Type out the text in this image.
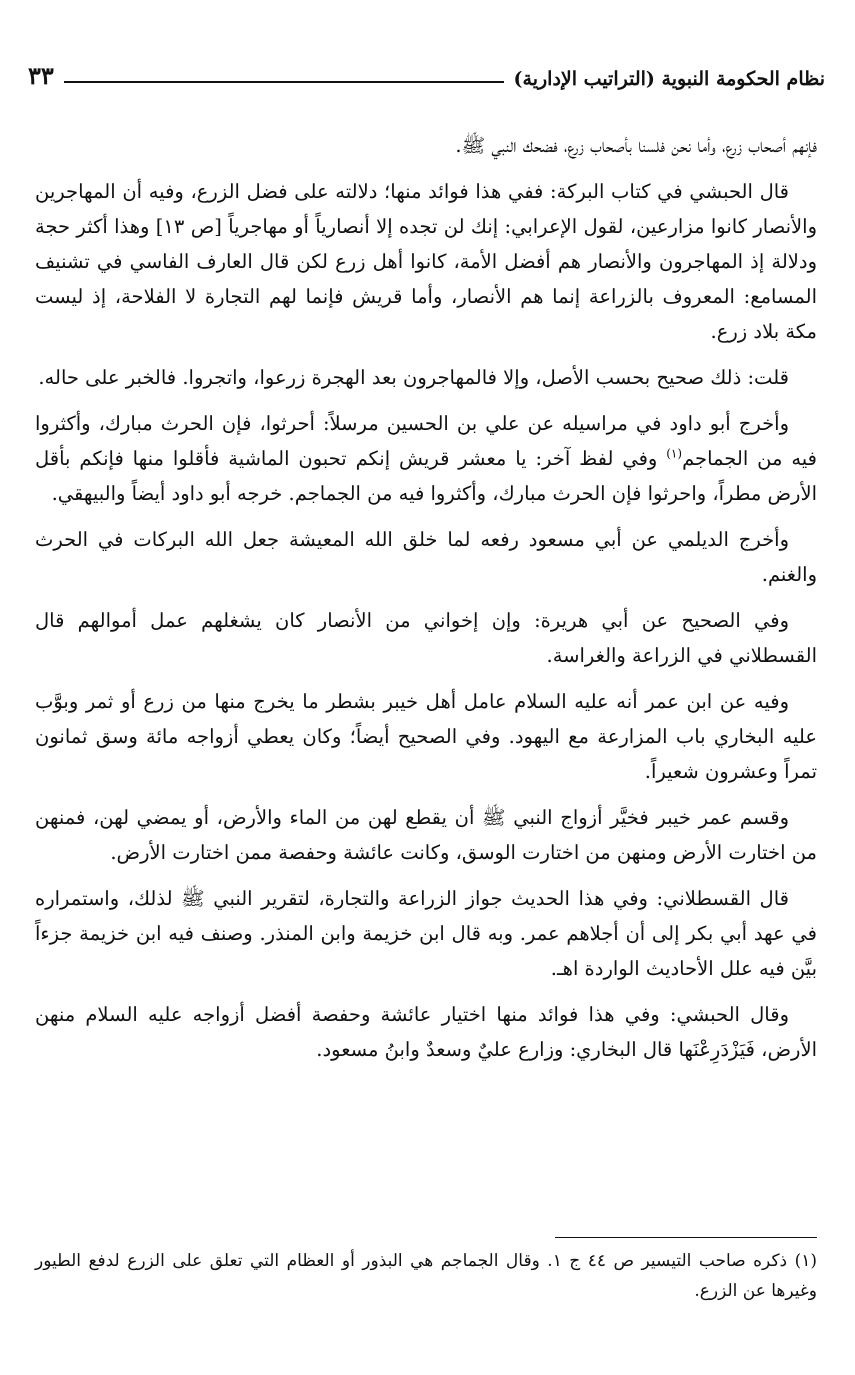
نظام الحكومة النبوية (التراتيب الإدارية)
٣٣

فإنهم أصحاب زرع، وأما نحن فلسنا بأصحاب زرع، فضحك النبي ﷺ.

قال الحبشي في كتاب البركة: ففي هذا فوائد منها؛ دلالته على فضل الزرع، وفيه أن المهاجرين والأنصار كانوا مزارعين، لقول الإعرابي: إنك لن تجده إلا أنصارياً أو مهاجرياً [ص ١٣] وهذا أكثر حجة ودلالة إذ المهاجرون والأنصار هم أفضل الأمة، كانوا أهل زرع لكن قال العارف الفاسي في تشنيف المسامع: المعروف بالزراعة إنما هم الأنصار، وأما قريش فإنما لهم التجارة لا الفلاحة، إذ ليست مكة بلاد زرع.

قلت: ذلك صحيح بحسب الأصل، وإلا فالمهاجرون بعد الهجرة زرعوا، واتجروا. فالخبر على حاله.

وأخرج أبو داود في مراسيله عن علي بن الحسين مرسلاً: أحرثوا، فإن الحرث مبارك، وأكثروا فيه من الجماجم$^{(١)}$ وفي لفظ آخر: يا معشر قريش إنكم تحبون الماشية فأقلوا منها فإنكم بأقل الأرض مطراً، واحرثوا فإن الحرث مبارك، وأكثروا فيه من الجماجم. خرجه أبو داود أيضاً والبيهقي.

وأخرج الديلمي عن أبي مسعود رفعه لما خلق الله المعيشة جعل الله البركات في الحرث والغنم.

وفي الصحيح عن أبي هريرة: وإن إخواني من الأنصار كان يشغلهم عمل أموالهم قال القسطلاني في الزراعة والغراسة.

وفيه عن ابن عمر أنه عليه السلام عامل أهل خيبر بشطر ما يخرج منها من زرع أو ثمر وبوَّب عليه البخاري باب المزارعة مع اليهود. وفي الصحيح أيضاً؛ وكان يعطي أزواجه مائة وسق ثمانون تمراً وعشرون شعيراً.

وقسم عمر خيبر فخيَّر أزواج النبي ﷺ أن يقطع لهن من الماء والأرض، أو يمضي لهن، فمنهن من اختارت الأرض ومنهن من اختارت الوسق، وكانت عائشة وحفصة ممن اختارت الأرض.

قال القسطلاني: وفي هذا الحديث جواز الزراعة والتجارة، لتقرير النبي ﷺ لذلك، واستمراره في عهد أبي بكر إلى أن أجلاهم عمر. وبه قال ابن خزيمة وابن المنذر. وصنف فيه ابن خزيمة جزءاً بيَّن فيه علل الأحاديث الواردة اهـ.

وقال الحبشي: وفي هذا فوائد منها اختيار عائشة وحفصة أفضل أزواجه عليه السلام منهن الأرض، فَيَزْدَرِعْنَها قال البخاري: وزارع عليٌ وسعدٌ وابنُ مسعود.

(١) ذكره صاحب التيسير ص ٤٤ ج ١. وقال الجماجم هي البذور أو العظام التي تعلق على الزرع لدفع الطيور وغيرها عن الزرع.
